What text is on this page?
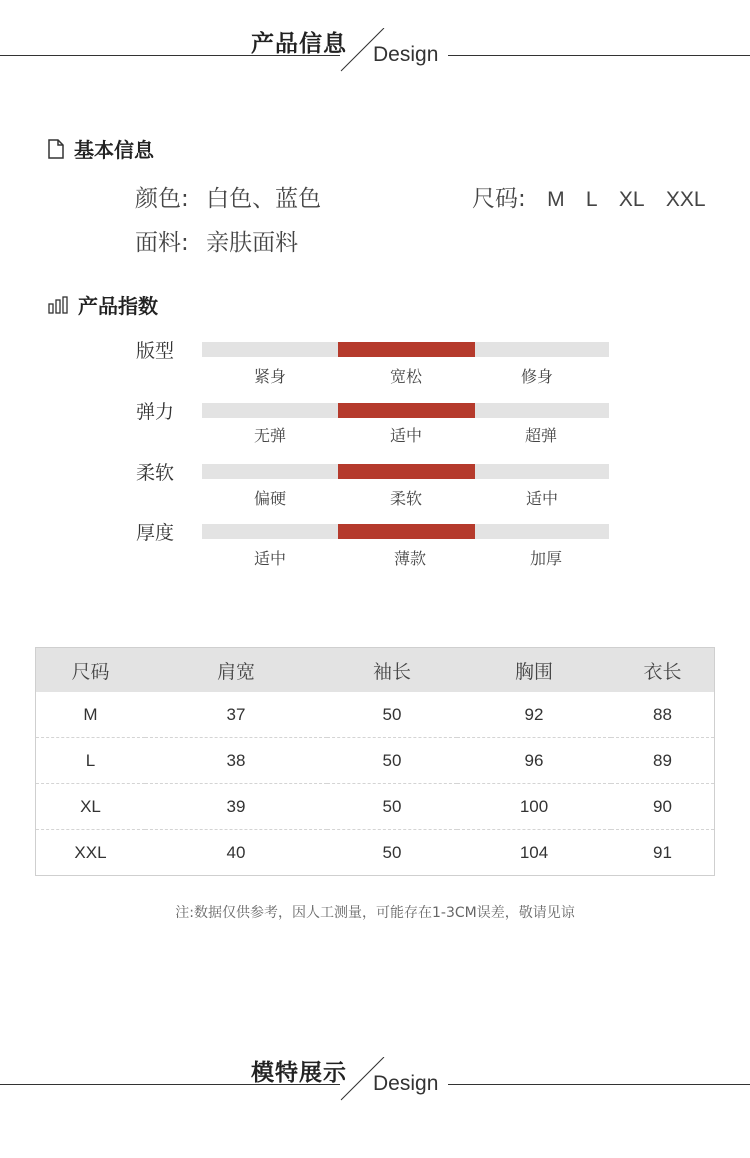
产品信息 Design
基本信息
颜色: 白色、蓝色	尺码: M L XL XXL
面料: 亲肤面料
产品指数
版型
紧身	宽松	修身
弹力
无弹	适中	超弹
柔软
偏硬	柔软	适中
厚度
适中	薄款	加厚
尺码	肩宽	袖长	胸围	衣长
M	37	50	92	88
L	38	50	96	89
XL	39	50	100	90
XXL	40	50	104	91
注:数据仅供参考，因人工测量，可能存在1-3CM误差，敬请见谅
模特展示 Design
